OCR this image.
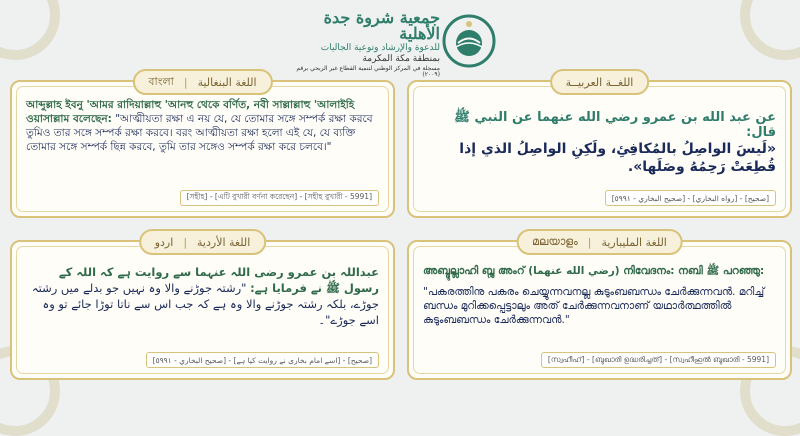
جمعية شروة جدة الأهلية
للدعوة والإرشاد وتوعية الجاليات
بمنطقة مكة المكرمة
مسجلة في المركز الوطني لتنمية القطاع غير الربحي برقم (٢٠٠٩)
اللغــة العربيــة
عن عبد الله بن عمرو رضي الله عنهما عن النبي ﷺ قال:
«لَيسَ الواصِلُ بالمُكافِئِ، ولَكِنِ الواصِلُ الذي إذا قُطِعَتْ رَحِمُهُ وصَلَها».
[صحيح] - [رواه البخاري] - [صحيح البخاري - ٥٩٩١]
বাংলা | اللغة البنغالية
আব্দুল্লাহ ইবনু 'আমর রাদিয়াল্লাহু 'আনহু থেকে বর্ণিত, নবী সাল্লাল্লাহু 'আলাইহি ওয়াসাল্লাম বলেছেন: "আত্মীয়তা রক্ষা এ নয় যে, যে তোমার সঙ্গে সম্পর্ক রক্ষা করবে তুমিও তার সঙ্গে সম্পর্ক রক্ষা করবে। বরং আত্মীয়তা রক্ষা হলো এই যে, যে ব্যক্তি তোমার সঙ্গে সম্পর্ক ছিন্ন করবে, তুমি তার সঙ্গেও সম্পর্ক রক্ষা করে চলবে।"
[সহীহ] - [এটি বুখারী বর্ণনা করেছেন] - [সহীহ বুখারী - 5991]
اردو | اللغة الأردية
عبداللہ بن عمرو رضی اللہ عنہما سے روایت ہے کہ اللہ کے رسول ﷺ نے فرمایا ہے: "رشتہ جوڑنے والا وہ نہیں جو بدلے میں رشتہ جوڑے، بلکہ رشتہ جوڑنے والا وہ ہے کہ جب اس سے ناتا توڑا جائے تو وہ اسے جوڑے"۔
[صحیح] - [اسے امام بخاری نے روایت کیا ہے] - [صحيح البخاري - ٥٩٩١]
മലയാളം | اللغة المليبارية
അബ്ദുല്ലാഹി ബ്നു അംറ് (رضي الله عنهما) നിവേദനം: നബി ﷺ പറഞ്ഞു:
"പകരത്തിനു പകരം ചെയ്യുന്നവനല്ല കുടുംബബന്ധം ചേർക്കുന്നവൻ. മറിച്ച് ബന്ധം മുറിക്കപ്പെട്ടാലും അത് ചേർക്കുന്നവനാണ് യഥാർത്ഥത്തിൽ കുടുംബബന്ധം ചേർക്കുന്നവൻ."
[സ്വഹീഹ്] - [ബുഖാരി ഉദ്ധരിച്ചത്] - [സ്വഹീഹുൽ ബുഖാരി - 5991]
